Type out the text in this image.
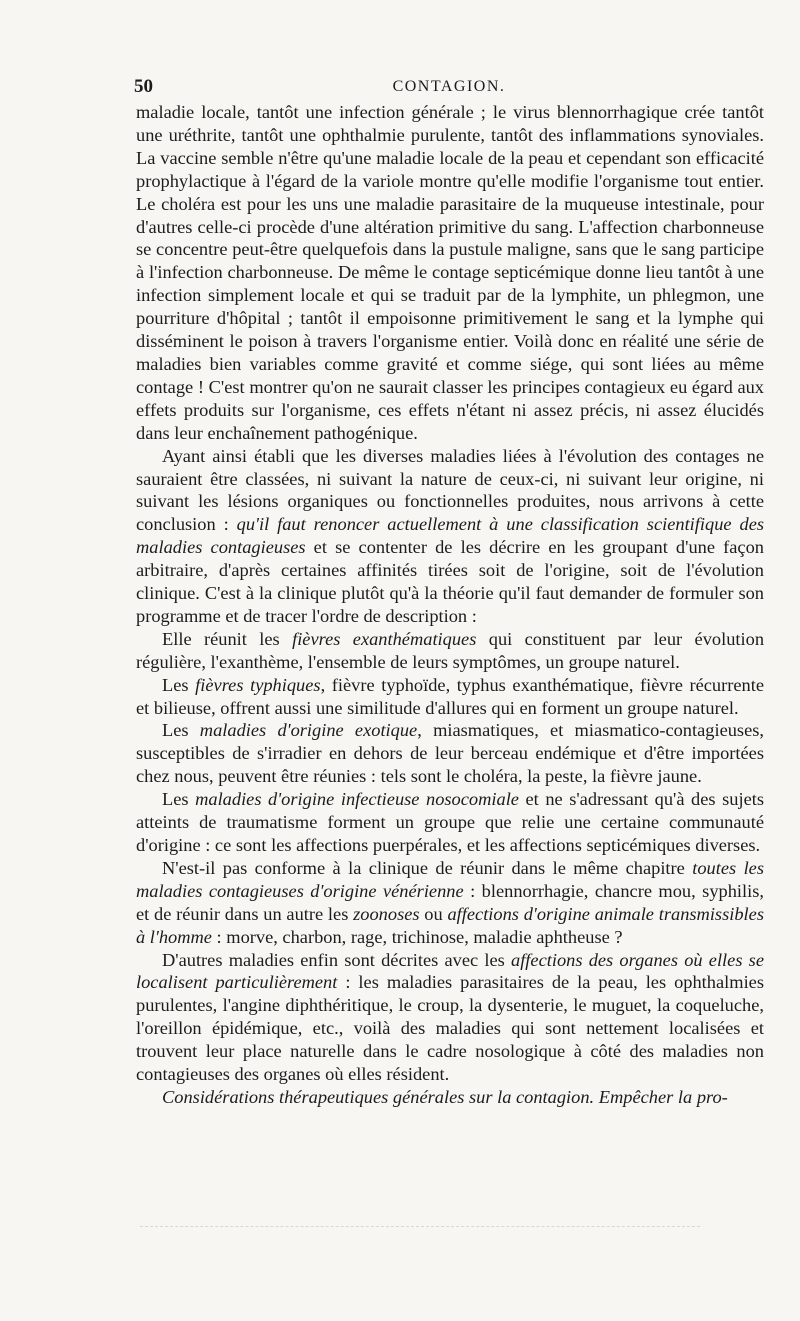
50	CONTAGION.

maladie locale, tantôt une infection générale ; le virus blennorrhagique crée tantôt une uréthrite, tantôt une ophthalmie purulente, tantôt des inflammations synoviales. La vaccine semble n'être qu'une maladie locale de la peau et cependant son efficacité prophylactique à l'égard de la variole montre qu'elle modifie l'organisme tout entier. Le choléra est pour les uns une maladie parasitaire de la muqueuse intestinale, pour d'autres celle-ci procède d'une altération primitive du sang. L'affection charbonneuse se concentre peut-être quelquefois dans la pustule maligne, sans que le sang participe à l'infection charbonneuse. De même le contage septicémique donne lieu tantôt à une infection simplement locale et qui se traduit par de la lymphite, un phlegmon, une pourriture d'hôpital ; tantôt il empoisonne primitivement le sang et la lymphe qui disséminent le poison à travers l'organisme entier. Voilà donc en réalité une série de maladies bien variables comme gravité et comme siége, qui sont liées au même contage ! C'est montrer qu'on ne saurait classer les principes contagieux eu égard aux effets produits sur l'organisme, ces effets n'étant ni assez précis, ni assez élucidés dans leur enchaînement pathogénique.

Ayant ainsi établi que les diverses maladies liées à l'évolution des contages ne sauraient être classées, ni suivant la nature de ceux-ci, ni suivant leur origine, ni suivant les lésions organiques ou fonctionnelles produites, nous arrivons à cette conclusion : qu'il faut renoncer actuellement à une classification scientifique des maladies contagieuses et se contenter de les décrire en les groupant d'une façon arbitraire, d'après certaines affinités tirées soit de l'origine, soit de l'évolution clinique. C'est à la clinique plutôt qu'à la théorie qu'il faut demander de formuler son programme et de tracer l'ordre de description :

Elle réunit les fièvres exanthématiques qui constituent par leur évolution régulière, l'exanthème, l'ensemble de leurs symptômes, un groupe naturel.

Les fièvres typhiques, fièvre typhoïde, typhus exanthématique, fièvre récurrente et bilieuse, offrent aussi une similitude d'allures qui en forment un groupe naturel.

Les maladies d'origine exotique, miasmatiques, et miasmatico-contagieuses, susceptibles de s'irradier en dehors de leur berceau endémique et d'être importées chez nous, peuvent être réunies : tels sont le choléra, la peste, la fièvre jaune.

Les maladies d'origine infectieuse nosocomiale et ne s'adressant qu'à des sujets atteints de traumatisme forment un groupe que relie une certaine communauté d'origine : ce sont les affections puerpérales, et les affections septicémiques diverses.

N'est-il pas conforme à la clinique de réunir dans le même chapitre toutes les maladies contagieuses d'origine vénérienne : blennorrhagie, chancre mou, syphilis, et de réunir dans un autre les zoonoses ou affections d'origine animale transmissibles à l'homme : morve, charbon, rage, trichinose, maladie aphtheuse ?

D'autres maladies enfin sont décrites avec les affections des organes où elles se localisent particulièrement : les maladies parasitaires de la peau, les ophthalmies purulentes, l'angine diphthéritique, le croup, la dysenterie, le muguet, la coqueluche, l'oreillon épidémique, etc., voilà des maladies qui sont nettement localisées et trouvent leur place naturelle dans le cadre nosologique à côté des maladies non contagieuses des organes où elles résident.

Considérations thérapeutiques générales sur la contagion. Empêcher la pro-
